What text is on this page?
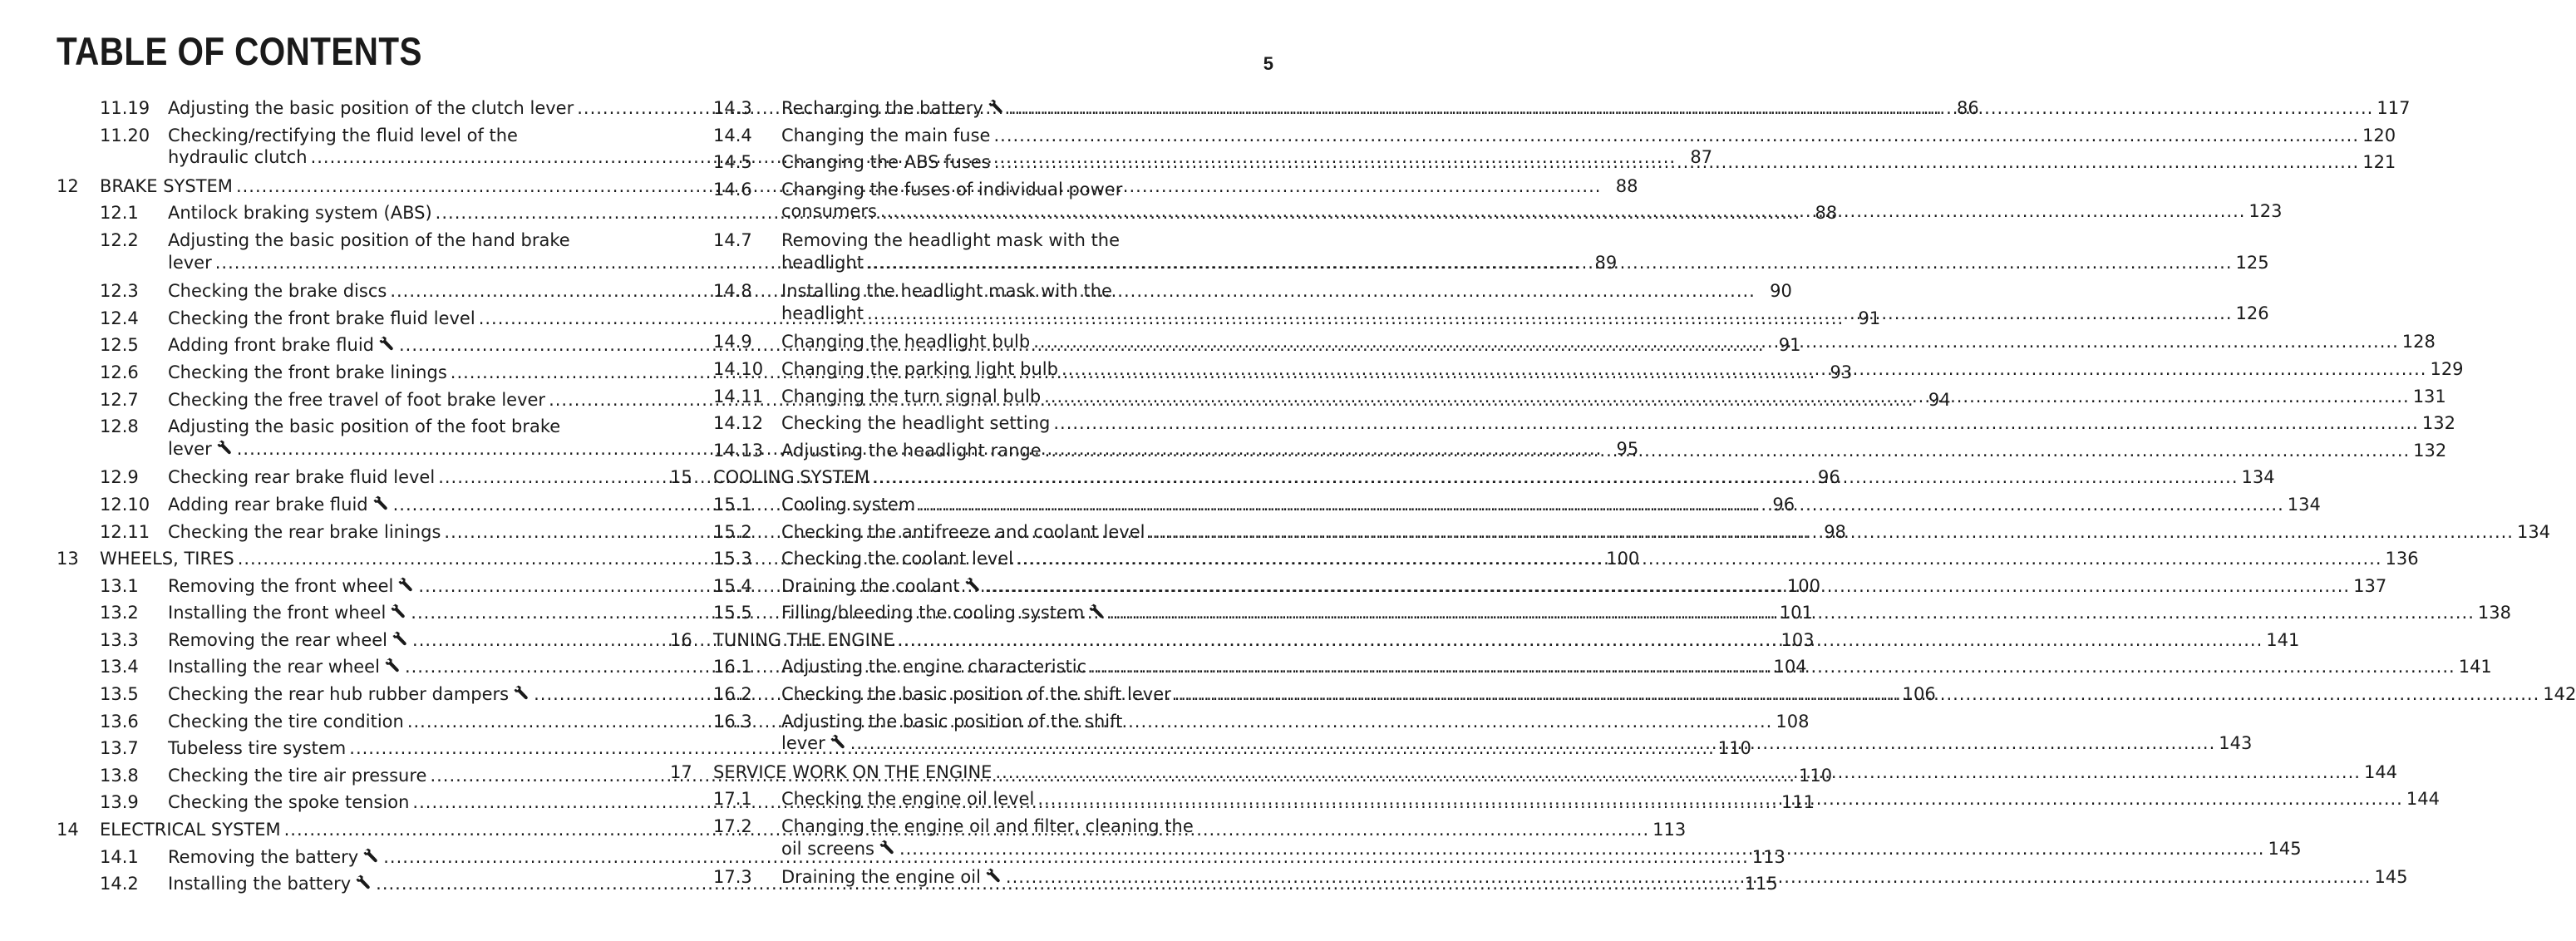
TABLE OF CONTENTS	5
11.19	Adjusting the basic position of the clutch lever .....	86
11.20	Checking/rectifying the fluid level of the
hydraulic clutch .....	87
12	BRAKE SYSTEM .....	88
12.1	Antilock braking system (ABS) .....	88
12.2	Adjusting the basic position of the hand brake
lever .....	89
12.3	Checking the brake discs .....	90
12.4	Checking the front brake fluid level .....	91
12.5	Adding front brake fluid .....	91
12.6	Checking the front brake linings .....	93
12.7	Checking the free travel of foot brake lever .....	94
12.8	Adjusting the basic position of the foot brake
lever .....	95
12.9	Checking rear brake fluid level .....	96
12.10	Adding rear brake fluid .....	96
12.11	Checking the rear brake linings .....	98
13	WHEELS, TIRES .....	100
13.1	Removing the front wheel .....	100
13.2	Installing the front wheel .....	101
13.3	Removing the rear wheel .....	103
13.4	Installing the rear wheel .....	104
13.5	Checking the rear hub rubber dampers .....	106
13.6	Checking the tire condition .....	108
13.7	Tubeless tire system .....	110
13.8	Checking the tire air pressure .....	110
13.9	Checking the spoke tension .....	111
14	ELECTRICAL SYSTEM .....	113
14.1	Removing the battery .....	113
14.2	Installing the battery .....	115
14.3	Recharging the battery .....	117
14.4	Changing the main fuse .....	120
14.5	Changing the ABS fuses .....	121
14.6	Changing the fuses of individual power
consumers .....	123
14.7	Removing the headlight mask with the
headlight .....	125
14.8	Installing the headlight mask with the
headlight .....	126
14.9	Changing the headlight bulb .....	128
14.10	Changing the parking light bulb .....	129
14.11	Changing the turn signal bulb .....	131
14.12	Checking the headlight setting .....	132
14.13	Adjusting the headlight range .....	132
15	COOLING SYSTEM .....	134
15.1	Cooling system .....	134
15.2	Checking the antifreeze and coolant level .....	134
15.3	Checking the coolant level .....	136
15.4	Draining the coolant .....	137
15.5	Filling/bleeding the cooling system .....	138
16	TUNING THE ENGINE .....	141
16.1	Adjusting the engine characteristic .....	141
16.2	Checking the basic position of the shift lever .....	142
16.3	Adjusting the basic position of the shift
lever .....	143
17	SERVICE WORK ON THE ENGINE .....	144
17.1	Checking the engine oil level .....	144
17.2	Changing the engine oil and filter, cleaning the
oil screens .....	145
17.3	Draining the engine oil .....	145
